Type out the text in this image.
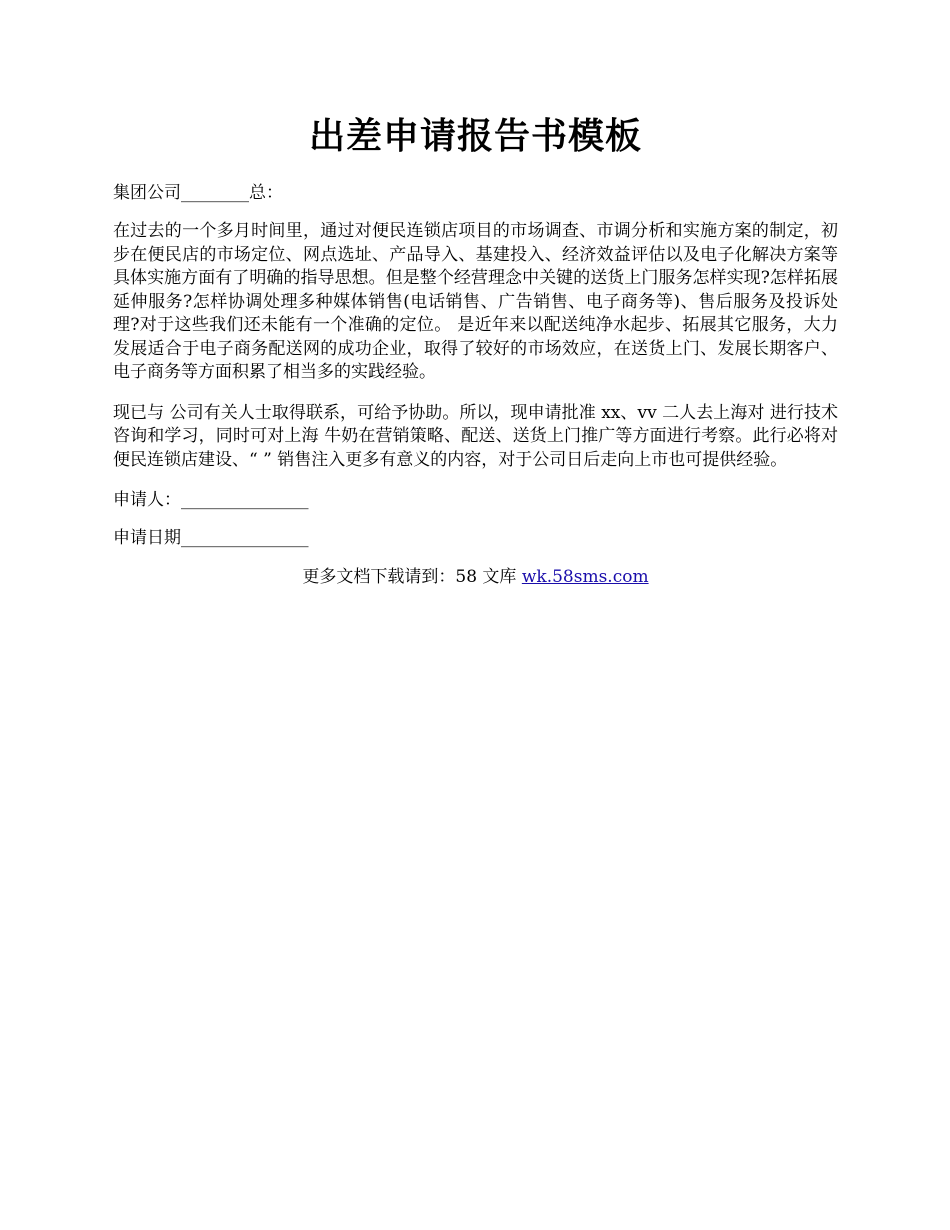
出差申请报告书模板

集团公司________总：

在过去的一个多月时间里，通过对便民连锁店项目的市场调查、市调分析和实施方案的制定，初步在便民店的市场定位、网点选址、产品导入、基建投入、经济效益评估以及电子化解决方案等具体实施方面有了明确的指导思想。但是整个经营理念中关键的送货上门服务怎样实现?怎样拓展延伸服务?怎样协调处理多种媒体销售(电话销售、广告销售、电子商务等)、售后服务及投诉处理?对于这些我们还未能有一个准确的定位。 是近年来以配送纯净水起步、拓展其它服务，大力发展适合于电子商务配送网的成功企业，取得了较好的市场效应，在送货上门、发展长期客户、电子商务等方面积累了相当多的实践经验。

现已与 公司有关人士取得联系，可给予协助。所以，现申请批准 xx、vv 二人去上海对 进行技术咨询和学习，同时可对上海 牛奶在营销策略、配送、送货上门推广等方面进行考察。此行必将对便民连锁店建设、“ ” 销售注入更多有意义的内容，对于公司日后走向上市也可提供经验。

申请人：_______________

申请日期_______________

更多文档下载请到：58 文库 wk.58sms.com
